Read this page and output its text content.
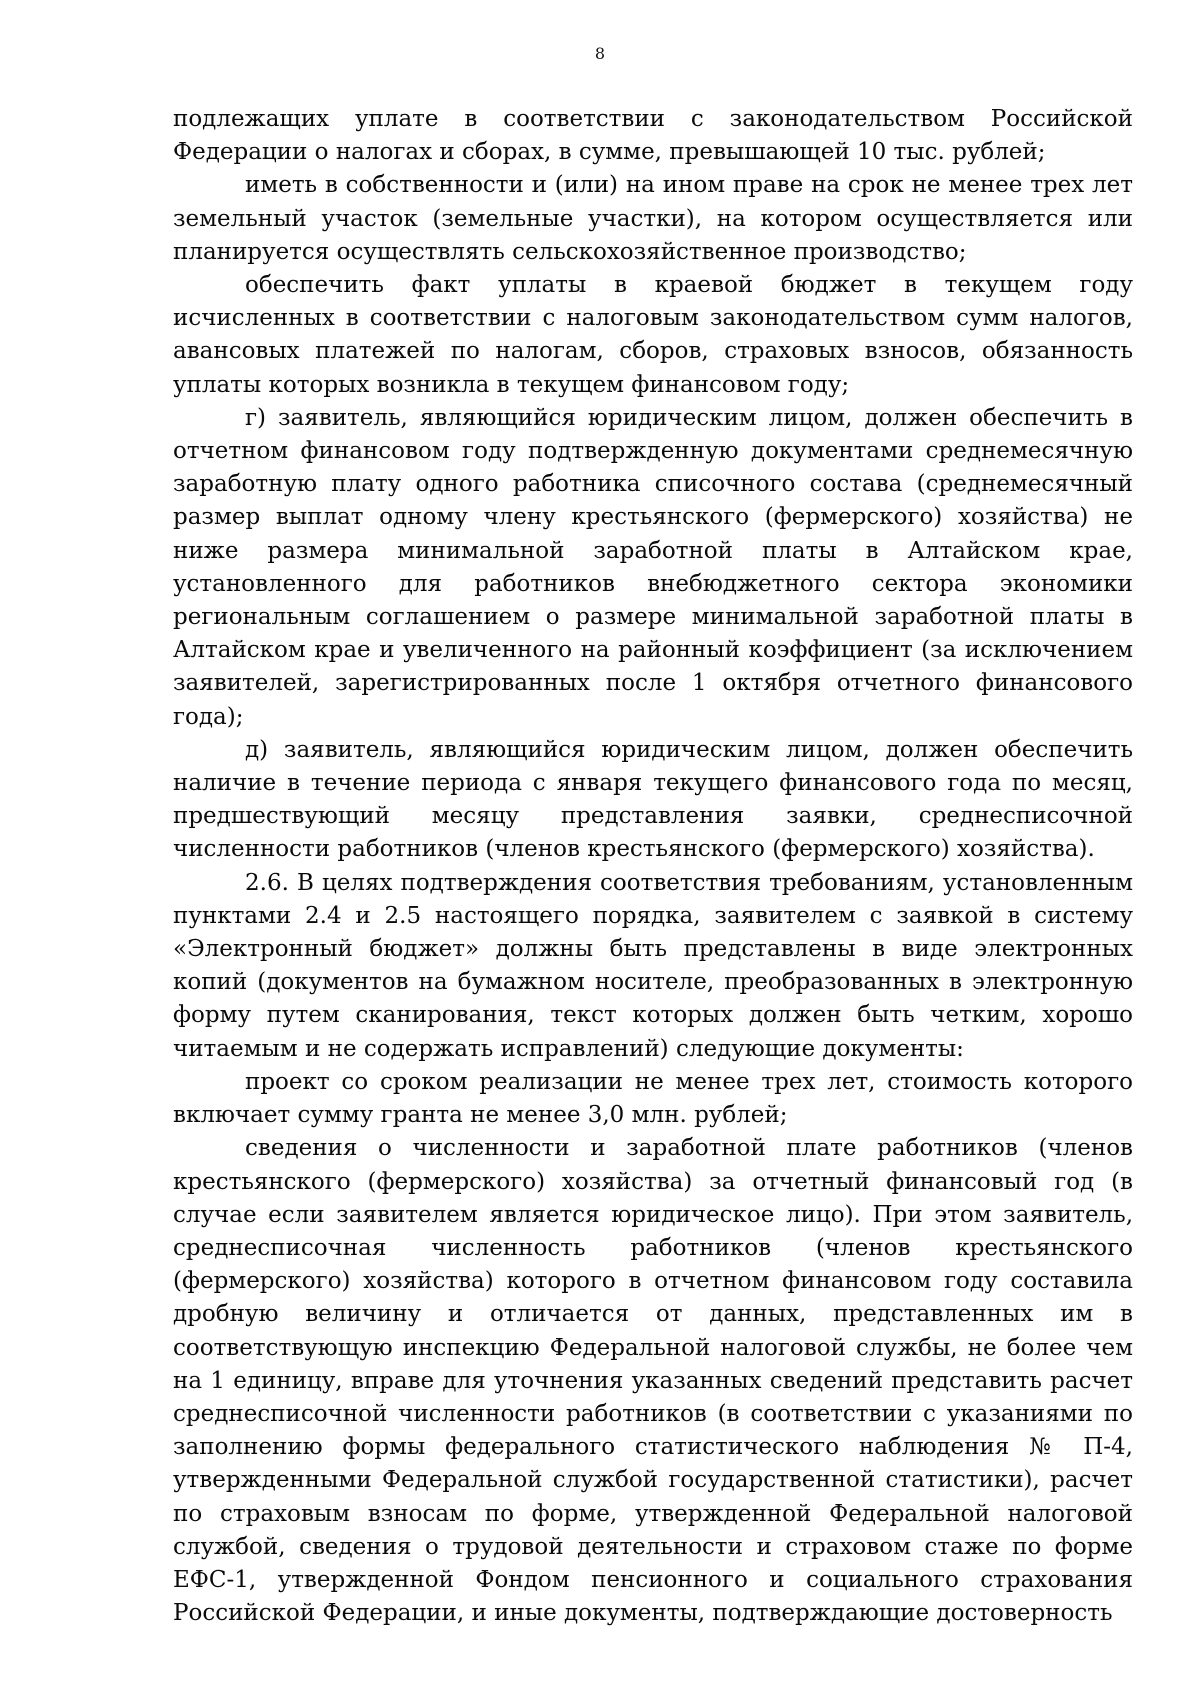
8

подлежащих уплате в соответствии с законодательством Российской Федерации о налогах и сборах, в сумме, превышающей 10 тыс. рублей;

иметь в собственности и (или) на ином праве на срок не менее трех лет земельный участок (земельные участки), на котором осуществляется или планируется осуществлять сельскохозяйственное производство;

обеспечить факт уплаты в краевой бюджет в текущем году исчисленных в соответствии с налоговым законодательством сумм налогов, авансовых платежей по налогам, сборов, страховых взносов, обязанность уплаты которых возникла в текущем финансовом году;

г) заявитель, являющийся юридическим лицом, должен обеспечить в отчетном финансовом году подтвержденную документами среднемесячную заработную плату одного работника списочного состава (среднемесячный размер выплат одному члену крестьянского (фермерского) хозяйства) не ниже размера минимальной заработной платы в Алтайском крае, установленного для работников внебюджетного сектора экономики региональным соглашением о размере минимальной заработной платы в Алтайском крае и увеличенного на районный коэффициент (за исключением заявителей, зарегистрированных после 1 октября отчетного финансового года);

д) заявитель, являющийся юридическим лицом, должен обеспечить наличие в течение периода с января текущего финансового года по месяц, предшествующий месяцу представления заявки, среднесписочной численности работников (членов крестьянского (фермерского) хозяйства).

2.6. В целях подтверждения соответствия требованиям, установленным пунктами 2.4 и 2.5 настоящего порядка, заявителем с заявкой в систему «Электронный бюджет» должны быть представлены в виде электронных копий (документов на бумажном носителе, преобразованных в электронную форму путем сканирования, текст которых должен быть четким, хорошо читаемым и не содержать исправлений) следующие документы:

проект со сроком реализации не менее трех лет, стоимость которого включает сумму гранта не менее 3,0 млн. рублей;

сведения о численности и заработной плате работников (членов крестьянского (фермерского) хозяйства) за отчетный финансовый год (в случае если заявителем является юридическое лицо). При этом заявитель, среднесписочная численность работников (членов крестьянского (фермерского) хозяйства) которого в отчетном финансовом году составила дробную величину и отличается от данных, представленных им в соответствующую инспекцию Федеральной налоговой службы, не более чем на 1 единицу, вправе для уточнения указанных сведений представить расчет среднесписочной численности работников (в соответствии с указаниями по заполнению формы федерального статистического наблюдения № П-4, утвержденными Федеральной службой государственной статистики), расчет по страховым взносам по форме, утвержденной Федеральной налоговой службой, сведения о трудовой деятельности и страховом стаже по форме ЕФС-1, утвержденной Фондом пенсионного и социального страхования Российской Федерации, и иные документы, подтверждающие достоверность
